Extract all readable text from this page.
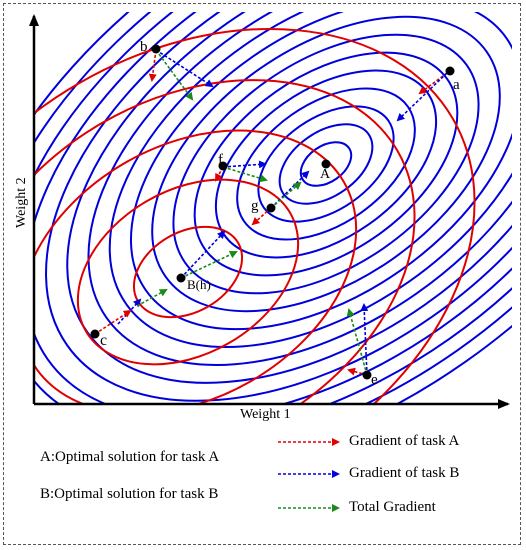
Weight 1
Weight 2
a
b
f
A
g
B(h)
c
e
A:Optimal solution for task A
B:Optimal solution for task B
Gradient of task A
Gradient of task B
Total Gradient
